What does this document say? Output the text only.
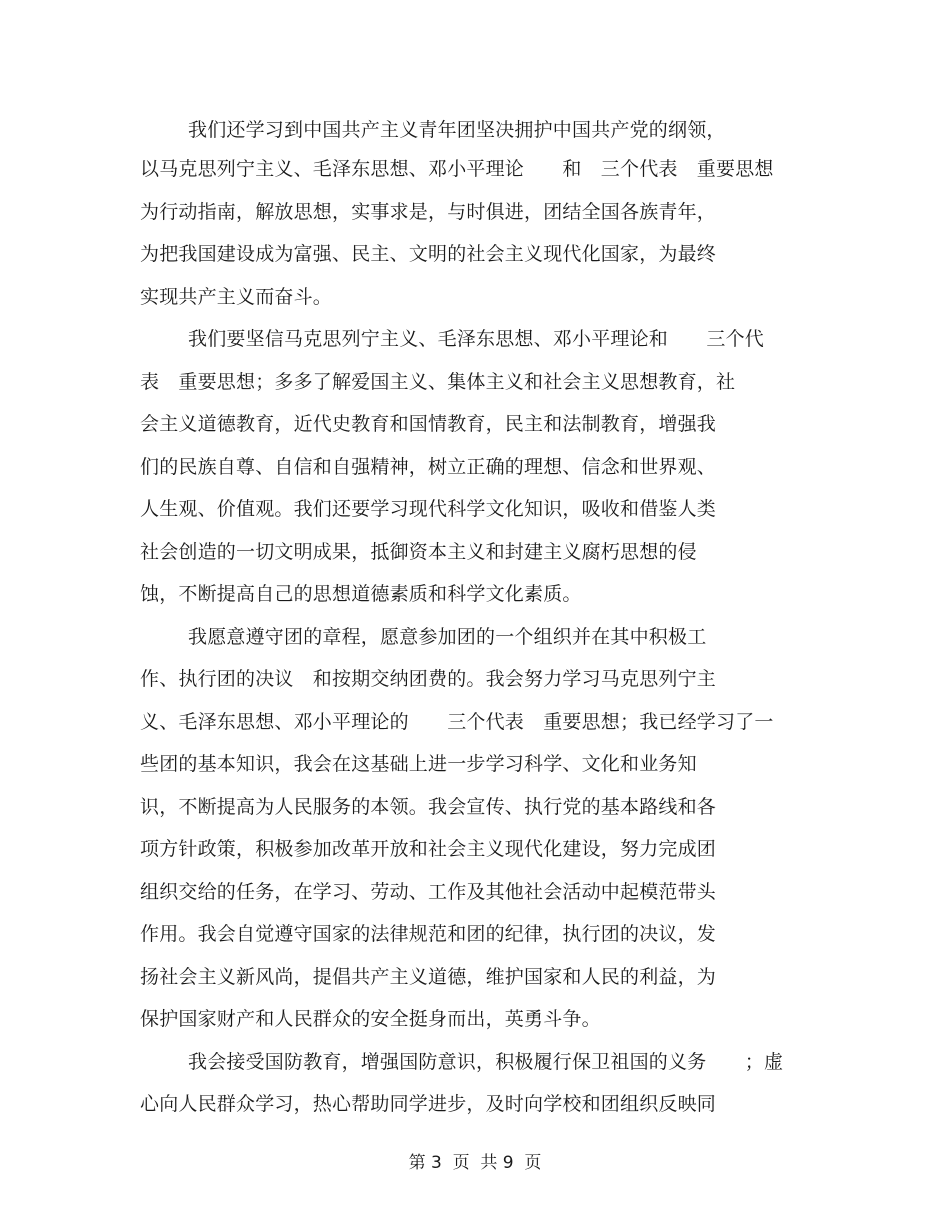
我们还学习到中国共产主义青年团坚决拥护中国共产党的纲领，
以马克思列宁主义、毛泽东思想、邓小平理论　　和　三个代表　重要思想
为行动指南，解放思想，实事求是，与时俱进，团结全国各族青年，
为把我国建设成为富强、民主、文明的社会主义现代化国家，为最终
实现共产主义而奋斗。
我们要坚信马克思列宁主义、毛泽东思想、邓小平理论和　　三个代
表　重要思想；多多了解爱国主义、集体主义和社会主义思想教育，社
会主义道德教育，近代史教育和国情教育，民主和法制教育，增强我
们的民族自尊、自信和自强精神，树立正确的理想、信念和世界观、
人生观、价值观。我们还要学习现代科学文化知识，吸收和借鉴人类
社会创造的一切文明成果，抵御资本主义和封建主义腐朽思想的侵
蚀，不断提高自己的思想道德素质和科学文化素质。
我愿意遵守团的章程，愿意参加团的一个组织并在其中积极工
作、执行团的决议　和按期交纳团费的。我会努力学习马克思列宁主
义、毛泽东思想、邓小平理论的　　三个代表　重要思想；我已经学习了一
些团的基本知识，我会在这基础上进一步学习科学、文化和业务知
识，不断提高为人民服务的本领。我会宣传、执行党的基本路线和各
项方针政策，积极参加改革开放和社会主义现代化建设，努力完成团
组织交给的任务，在学习、劳动、工作及其他社会活动中起模范带头
作用。我会自觉遵守国家的法律规范和团的纪律，执行团的决议，发
扬社会主义新风尚，提倡共产主义道德，维护国家和人民的利益，为
保护国家财产和人民群众的安全挺身而出，英勇斗争。
我会接受国防教育，增强国防意识，积极履行保卫祖国的义务　　；虚
心向人民群众学习，热心帮助同学进步，及时向学校和团组织反映同
第 3  页  共 9  页
